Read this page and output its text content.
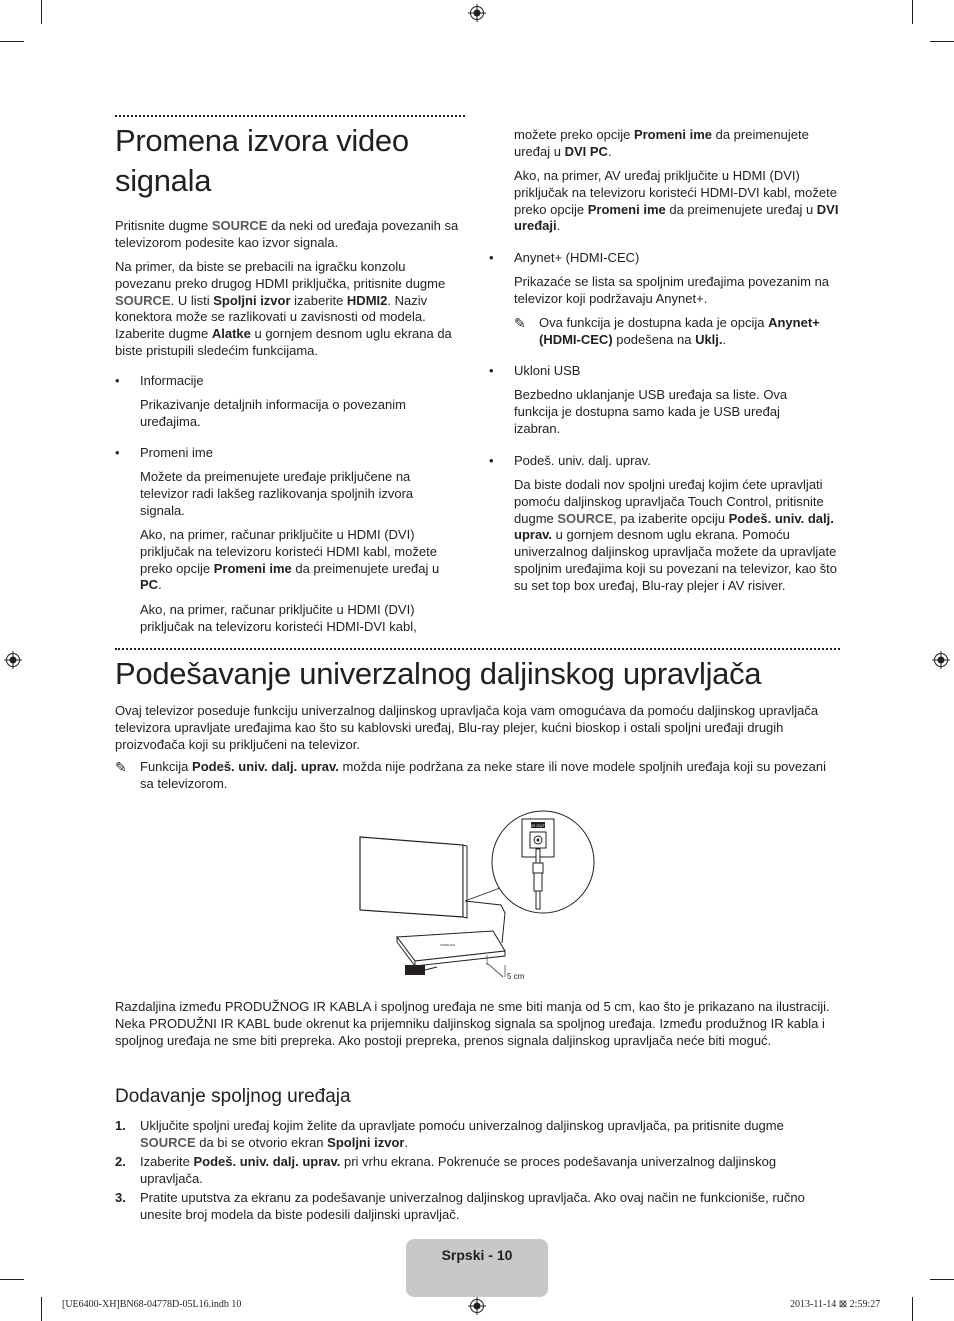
Promena izvora video
signala

Pritisnite dugme SOURCE da neki od uređaja povezanih sa televizorom podesite kao izvor signala.

Na primer, da biste se prebacili na igračku konzolu povezanu preko drugog HDMI priključka, pritisnite dugme SOURCE. U listi Spoljni izvor izaberite HDMI2. Naziv konektora može se razlikovati u zavisnosti od modela. Izaberite dugme Alatke u gornjem desnom uglu ekrana da biste pristupili sledećim funkcijama.

• Informacije

Prikazivanje detaljnih informacija o povezanim uređajima.

• Promeni ime

Možete da preimenujete uređaje priključene na televizor radi lakšeg razlikovanja spoljnih izvora signala.

Ako, na primer, računar priključite u HDMI (DVI) priključak na televizoru koristeći HDMI kabl, možete preko opcije Promeni ime da preimenujete uređaj u PC.

Ako, na primer, računar priključite u HDMI (DVI) priključak na televizoru koristeći HDMI-DVI kabl,

možete preko opcije Promeni ime da preimenujete uređaj u DVI PC.

Ako, na primer, AV uređaj priključite u HDMI (DVI) priključak na televizoru koristeći HDMI-DVI kabl, možete preko opcije Promeni ime da preimenujete uređaj u DVI uređaji.

• Anynet+ (HDMI-CEC)

Prikazaće se lista sa spoljnim uređajima povezanim na televizor koji podržavaju Anynet+.

✎ Ova funkcija je dostupna kada je opcija Anynet+ (HDMI-CEC) podešena na Uklj..

• Ukloni USB

Bezbedno uklanjanje USB uređaja sa liste. Ova funkcija je dostupna samo kada je USB uređaj izabran.

• Podeš. univ. dalj. uprav.

Da biste dodali nov spoljni uređaj kojim ćete upravljati pomoću daljinskog upravljača Touch Control, pritisnite dugme SOURCE, pa izaberite opciju Podeš. univ. dalj. uprav. u gornjem desnom uglu ekrana. Pomoću univerzalnog daljinskog upravljača možete da upravljate spoljnim uređajima koji su povezani na televizor, kao što su set top box uređaj, Blu-ray plejer i AV risiver.

Podešavanje univerzalnog daljinskog upravljača

Ovaj televizor poseduje funkciju univerzalnog daljinskog upravljača koja vam omogućava da pomoću daljinskog upravljača televizora upravljate uređajima kao što su kablovski uređaj, Blu-ray plejer, kućni bioskop i ostali spoljni uređaji drugih proizvođača koji su priključeni na televizor.

✎ Funkcija Podeš. univ. dalj. uprav. možda nije podržana za neke stare ili nove modele spoljnih uređaja koji su povezani sa televizorom.

IR OUT
SAMSUNG
5 cm

Razdaljina između PRODUŽNOG IR KABLA i spoljnog uređaja ne sme biti manja od 5 cm, kao što je prikazano na ilustraciji. Neka PRODUŽNI IR KABL bude okrenut ka prijemniku daljinskog signala sa spoljnog uređaja. Između produžnog IR kabla i spoljnog uređaja ne sme biti prepreka. Ako postoji prepreka, prenos signala daljinskog upravljača neće biti moguć.

Dodavanje spoljnog uređaja
1. Uključite spoljni uređaj kojim želite da upravljate pomoću univerzalnog daljinskog upravljača, pa pritisnite dugme SOURCE da bi se otvorio ekran Spoljni izvor.

2. Izaberite Podeš. univ. dalj. uprav. pri vrhu ekrana. Pokrenuće se proces podešavanja univerzalnog daljinskog upravljača.

3. Pratite uputstva za ekranu za podešavanje univerzalnog daljinskog upravljača. Ako ovaj način ne funkcioniše, ručno unesite broj modela da biste podesili daljinski upravljač.

Srpski - 10
[UE6400-XH]BN68-04778D-05L16.indb 10	2013-11-14 ⊠ 2:59:27
